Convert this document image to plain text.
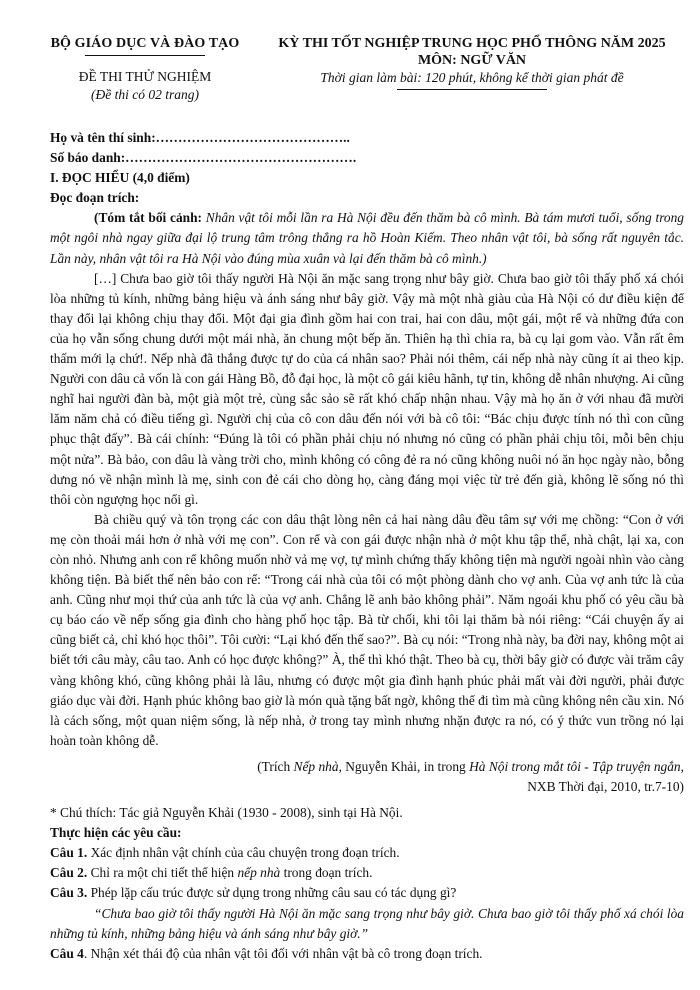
BỘ GIÁO DỤC VÀ ĐÀO TẠO
ĐỀ THI THỬ NGHIỆM
(Đề thi có 02 trang)
KỲ THI TỐT NGHIỆP TRUNG HỌC PHỔ THÔNG NĂM 2025
MÔN: NGỮ VĂN
Thời gian làm bài: 120 phút, không kể thời gian phát đề
Họ và tên thí sinh:……………………………………..
Số báo danh:…………………………………………….
I. ĐỌC HIỂU (4,0 điểm)
Đọc đoạn trích:

(Tóm tắt bối cảnh: Nhân vật tôi mỗi lần ra Hà Nội đều đến thăm bà cô mình. Bà tám mươi tuổi, sống trong một ngôi nhà ngay giữa đại lộ trung tâm trông thẳng ra hồ Hoàn Kiếm. Theo nhân vật tôi, bà sống rất nguyên tắc. Lần này, nhân vật tôi ra Hà Nội vào đúng mùa xuân và lại đến thăm bà cô mình.)

[…] Chưa bao giờ tôi thấy người Hà Nội ăn mặc sang trọng như bây giờ. Chưa bao giờ tôi thấy phố xá chói lòa những tủ kính, những bảng hiệu và ánh sáng như bây giờ. Vậy mà một nhà giàu của Hà Nội có dư điều kiện để thay đổi lại không chịu thay đổi. Một đại gia đình gồm hai con trai, hai con dâu, một gái, một rể và những đứa con của họ vẫn sống chung dưới một mái nhà, ăn chung một bếp ăn. Thiên hạ thì chia ra, bà cụ lại gom vào. Vẫn rất êm thấm mới lạ chứ!. Nếp nhà đã thắng được tự do của cá nhân sao? Phải nói thêm, cái nếp nhà này cũng ít ai theo kịp. Người con dâu cả vốn là con gái Hàng Bồ, đỗ đại học, là một cô gái kiêu hãnh, tự tin, không dễ nhân nhượng. Ai cũng nghĩ hai người đàn bà, một già một trẻ, cùng sắc sảo sẽ rất khó chấp nhận nhau. Vậy mà họ ăn ở với nhau đã mười lăm năm chả có điều tiếng gì. Người chị của cô con dâu đến nói với bà cô tôi: “Bác chịu được tính nó thì con cũng phục thật đấy”. Bà cái chính: “Đúng là tôi có phần phải chịu nó nhưng nó cũng có phần phải chịu tôi, mỗi bên chịu một nửa”. Bà bảo, con dâu là vàng trời cho, mình không có công đẻ ra nó cũng không nuôi nó ăn học ngày nào, bỗng dưng nó về nhận mình là mẹ, sinh con đẻ cái cho dòng họ, càng đáng mọi việc từ trẻ đến già, không lẽ sống nó thì thôi còn ngượng học nổi gì.

Bà chiều quý và tôn trọng các con dâu thật lòng nên cả hai nàng dâu đều tâm sự với mẹ chồng: “Con ở với mẹ còn thoải mái hơn ở nhà với mẹ con”. Con rể và con gái được nhận nhà ở một khu tập thể, nhà chật, lại xa, con còn nhỏ. Nhưng anh con rể không muốn nhờ vả mẹ vợ, tự mình chứng thấy không tiện mà người ngoài nhìn vào càng không tiện. Bà biết thế nên bảo con rể: “Trong cái nhà của tôi có một phòng dành cho vợ anh. Của vợ anh tức là của anh. Cũng như mọi thứ của anh tức là của vợ anh. Chẳng lẽ anh bảo không phải”. Năm ngoái khu phố có yêu cầu bà cụ báo cáo về nếp sống gia đình cho hàng phố học tập. Bà từ chối, khi tôi lại thăm bà nói riêng: “Cái chuyện ấy ai cũng biết cả, chỉ khó học thôi”. Tôi cười: “Lại khó đến thế sao?”. Bà cụ nói: “Trong nhà này, ba đời nay, không một ai biết tới câu mày, câu tao. Anh có học được không?” À, thế thì khó thật. Theo bà cụ, thời bây giờ có được vài trăm cây vàng không khó, cũng không phải là lâu, nhưng có được một gia đình hạnh phúc phải mất vài đời người, phải được giáo dục vài đời. Hạnh phúc không bao giờ là món quà tặng bất ngờ, không thể đi tìm mà cũng không nên cầu xin. Nó là cách sống, một quan niệm sống, là nếp nhà, ở trong tay mình nhưng nhặn được ra nó, có ý thức vun trồng nó lại hoàn toàn không dễ.

(Trích Nếp nhà, Nguyễn Khải, in trong Hà Nội trong mắt tôi - Tập truyện ngắn,
NXB Thời đại, 2010, tr.7-10)
* Chú thích: Tác giả Nguyễn Khải (1930 - 2008), sinh tại Hà Nội.
Thực hiện các yêu cầu:
Câu 1. Xác định nhân vật chính của câu chuyện trong đoạn trích.
Câu 2. Chỉ ra một chi tiết thể hiện nếp nhà trong đoạn trích.
Câu 3. Phép lặp cấu trúc được sử dụng trong những câu sau có tác dụng gì?

“Chưa bao giờ tôi thấy người Hà Nội ăn mặc sang trọng như bây giờ. Chưa bao giờ tôi thấy phố xá chói lòa những tủ kính, những bảng hiệu và ánh sáng như bây giờ.”

Câu 4. Nhận xét thái độ của nhân vật tôi đối với nhân vật bà cô trong đoạn trích.
